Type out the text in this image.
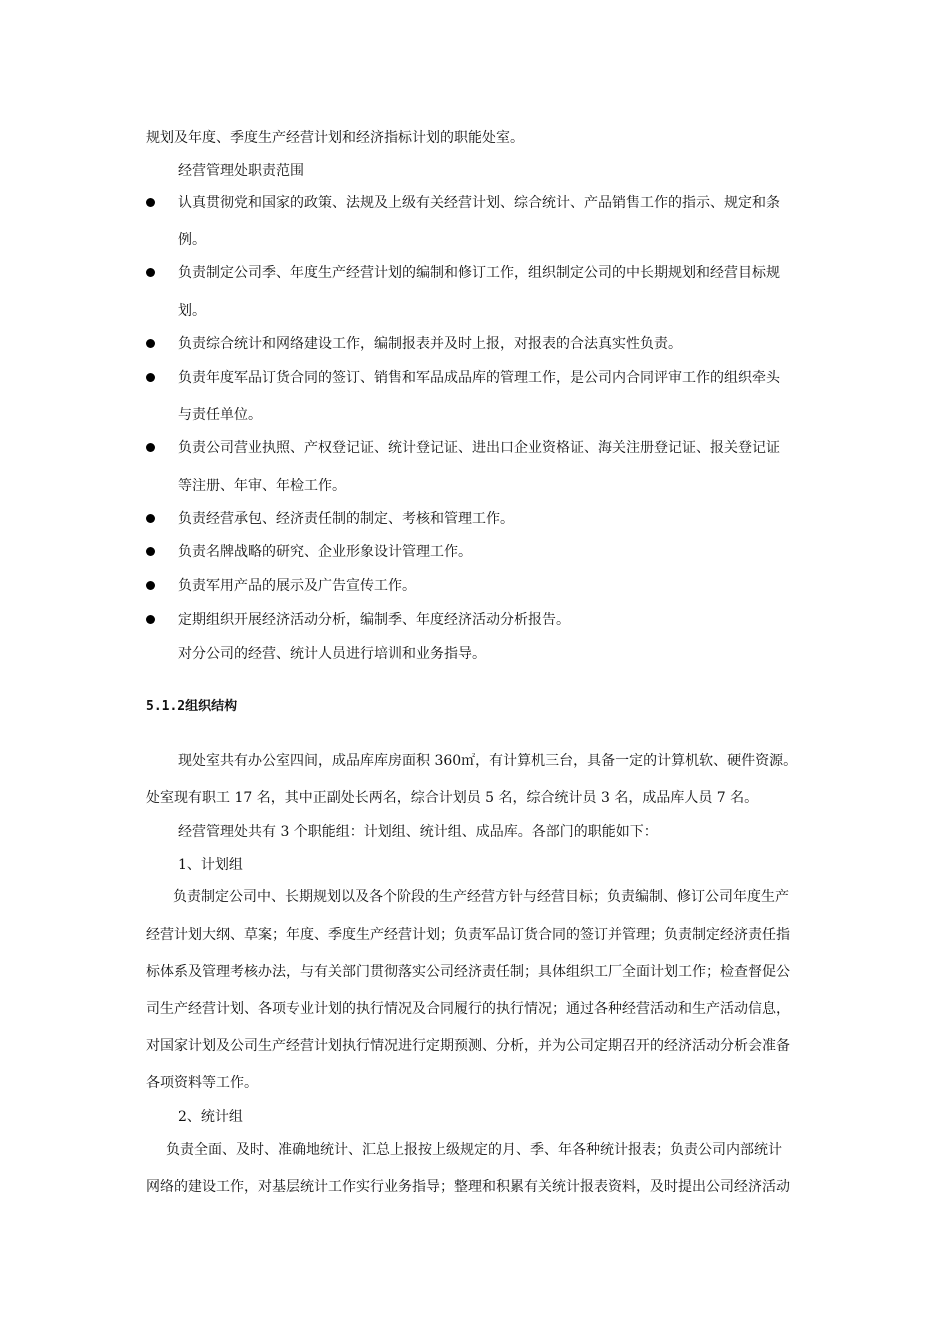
规划及年度、季度生产经营计划和经济指标计划的职能处室。
经营管理处职责范围
认真贯彻党和国家的政策、法规及上级有关经营计划、综合统计、产品销售工作的指示、规定和条
例。
负责制定公司季、年度生产经营计划的编制和修订工作，组织制定公司的中长期规划和经营目标规
划。
负责综合统计和网络建设工作，编制报表并及时上报，对报表的合法真实性负责。
负责年度军品订货合同的签订、销售和军品成品库的管理工作，是公司内合同评审工作的组织牵头
与责任单位。
负责公司营业执照、产权登记证、统计登记证、进出口企业资格证、海关注册登记证、报关登记证
等注册、年审、年检工作。
负责经营承包、经济责任制的制定、考核和管理工作。
负责名牌战略的研究、企业形象设计管理工作。
负责军用产品的展示及广告宣传工作。
定期组织开展经济活动分析，编制季、年度经济活动分析报告。
对分公司的经营、统计人员进行培训和业务指导。
5.1.2组织结构
现处室共有办公室四间，成品库库房面积 360㎡，有计算机三台，具备一定的计算机软、硬件资源。
处室现有职工 17 名，其中正副处长两名，综合计划员 5 名，综合统计员 3 名，成品库人员 7 名。
经营管理处共有 3 个职能组：计划组、统计组、成品库。各部门的职能如下：
1、计划组
负责制定公司中、长期规划以及各个阶段的生产经营方针与经营目标；负责编制、修订公司年度生产
经营计划大纲、草案；年度、季度生产经营计划；负责军品订货合同的签订并管理；负责制定经济责任指
标体系及管理考核办法，与有关部门贯彻落实公司经济责任制；具体组织工厂全面计划工作；检查督促公
司生产经营计划、各项专业计划的执行情况及合同履行的执行情况；通过各种经营活动和生产活动信息，
对国家计划及公司生产经营计划执行情况进行定期预测、分析，并为公司定期召开的经济活动分析会准备
各项资料等工作。
2、统计组
负责全面、及时、准确地统计、汇总上报按上级规定的月、季、年各种统计报表；负责公司内部统计
网络的建设工作，对基层统计工作实行业务指导；整理和积累有关统计报表资料，及时提出公司经济活动
